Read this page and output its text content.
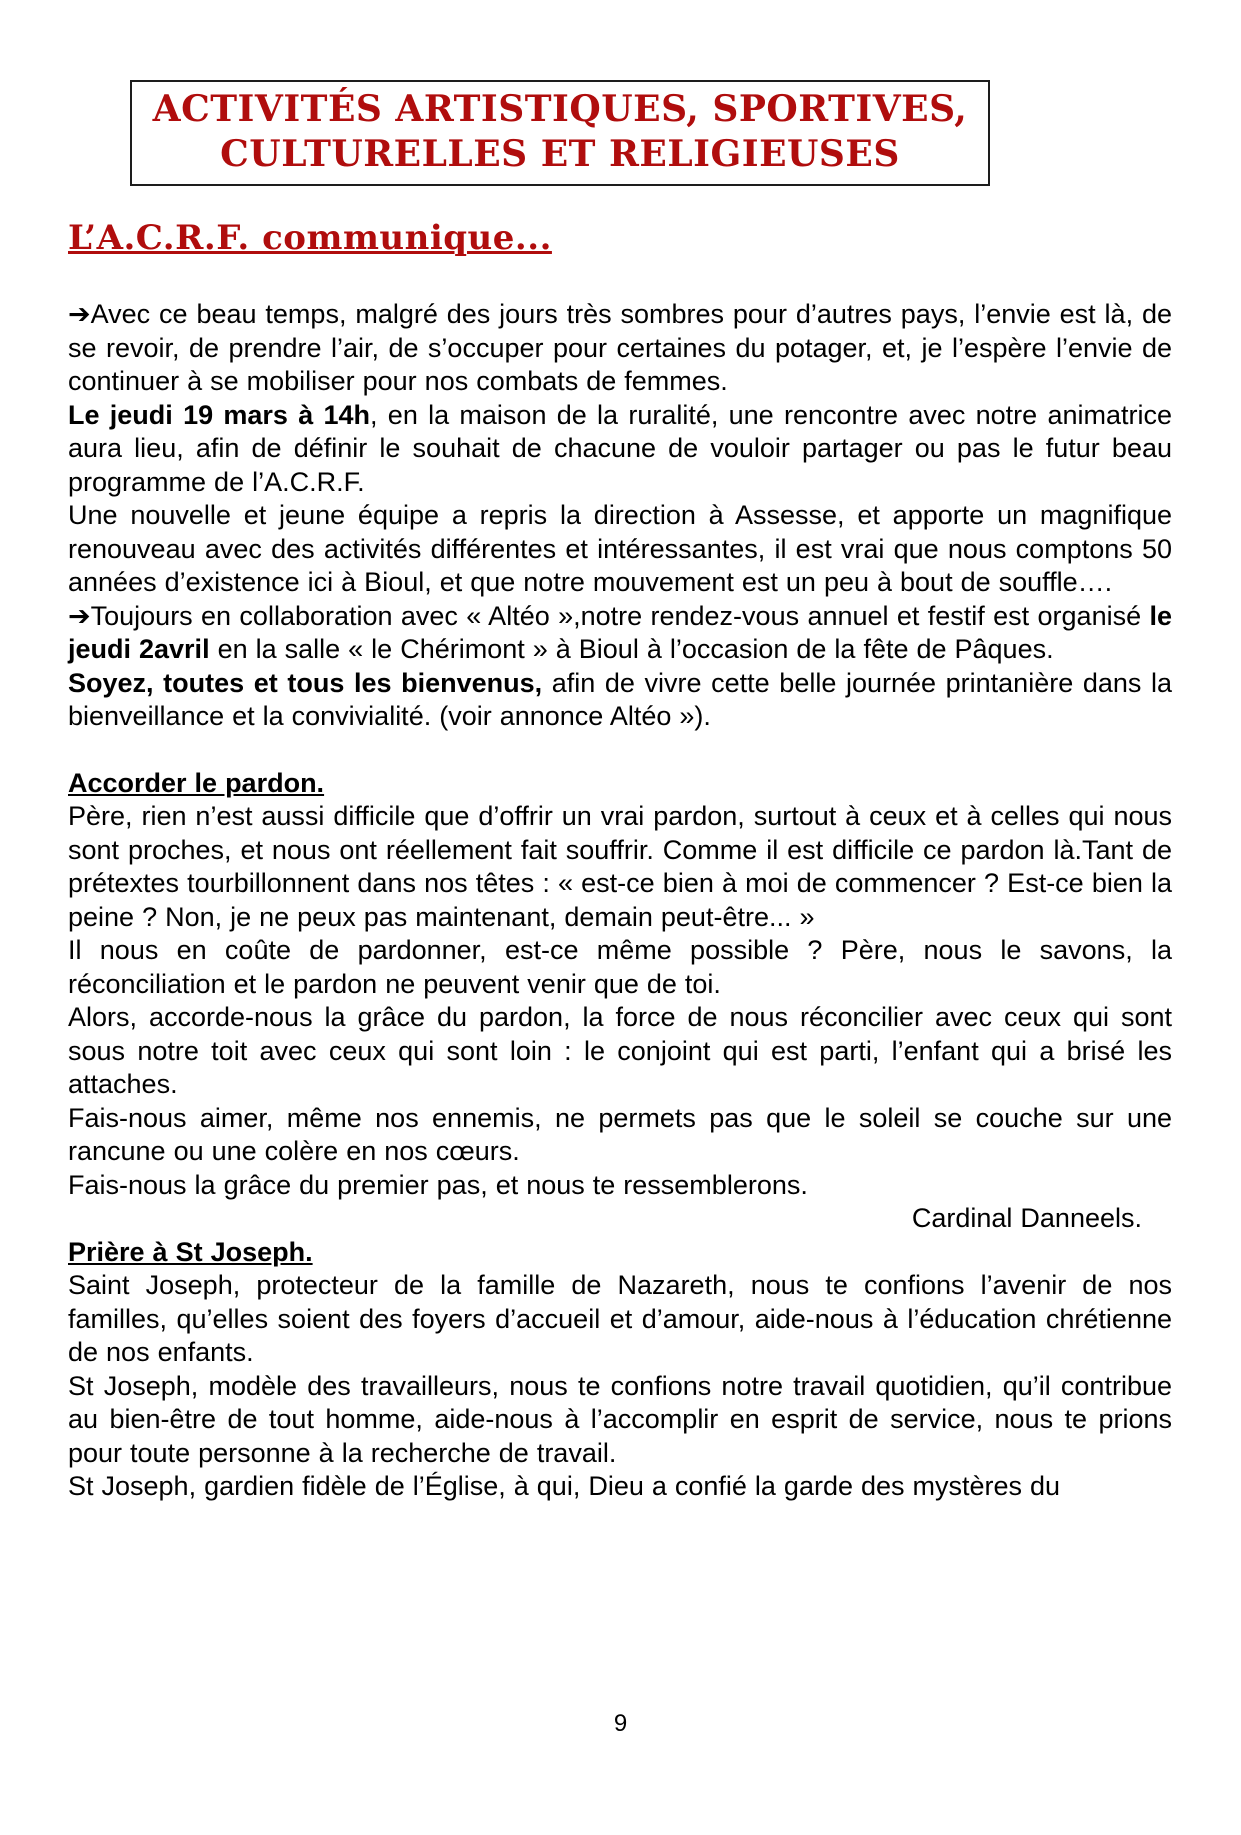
ACTIVITÉS ARTISTIQUES, SPORTIVES,
CULTURELLES ET RELIGIEUSES
L’A.C.R.F. communique...

➔Avec ce beau temps, malgré des jours très sombres pour d’autres pays, l’envie est là, de se revoir, de prendre l’air, de s’occuper pour certaines du potager, et, je l’espère l’envie de continuer à se mobiliser pour nos combats de femmes.

Le jeudi 19 mars à 14h, en la maison de la ruralité, une rencontre avec notre animatrice aura lieu, afin de définir le souhait de chacune de vouloir partager ou pas le futur beau programme de l’A.C.R.F.

Une nouvelle et jeune équipe a repris la direction à Assesse, et apporte un magnifique renouveau avec des activités différentes et intéressantes, il est vrai que nous comptons 50 années d’existence ici à Bioul, et que notre mouvement est un peu à bout de souffle….

➔Toujours en collaboration avec « Altéo »,notre rendez-vous annuel et festif est organisé le jeudi 2avril en la salle « le Chérimont » à Bioul à l’occasion de la fête de Pâques.

Soyez, toutes et tous les bienvenus, afin de vivre cette belle journée printanière dans la bienveillance et la convivialité. (voir annonce Altéo »).

Accorder le pardon.

Père, rien n’est aussi difficile que d’offrir un vrai pardon, surtout à ceux et à celles qui nous sont proches, et nous ont réellement fait souffrir. Comme il est difficile ce pardon là.Tant de prétextes tourbillonnent dans nos têtes : « est-ce bien à moi de commencer ? Est-ce bien la peine ? Non, je ne peux pas maintenant, demain peut-être... »

Il nous en coûte de pardonner, est-ce même possible ? Père, nous le savons, la réconciliation et le pardon ne peuvent venir que de toi.

Alors, accorde-nous la grâce du pardon, la force de nous réconcilier avec ceux qui sont sous notre toit avec ceux qui sont loin : le conjoint qui est parti, l’enfant qui a brisé les attaches.

Fais-nous aimer, même nos ennemis, ne permets pas que le soleil se couche sur une rancune ou une colère en nos cœurs.

Fais-nous la grâce du premier pas, et nous te ressemblerons.

Cardinal Danneels.

Prière à St Joseph.

Saint Joseph, protecteur de la famille de Nazareth, nous te confions l’avenir de nos familles, qu’elles soient des foyers d’accueil et d’amour, aide-nous à l’éducation chrétienne de nos enfants.

St Joseph, modèle des travailleurs, nous te confions notre travail quotidien, qu’il contribue au bien-être de tout homme, aide-nous à l’accomplir en esprit de service, nous te prions pour toute personne à la recherche de travail.

St Joseph, gardien fidèle de l’Église, à qui, Dieu a confié la garde des mystères du

9
